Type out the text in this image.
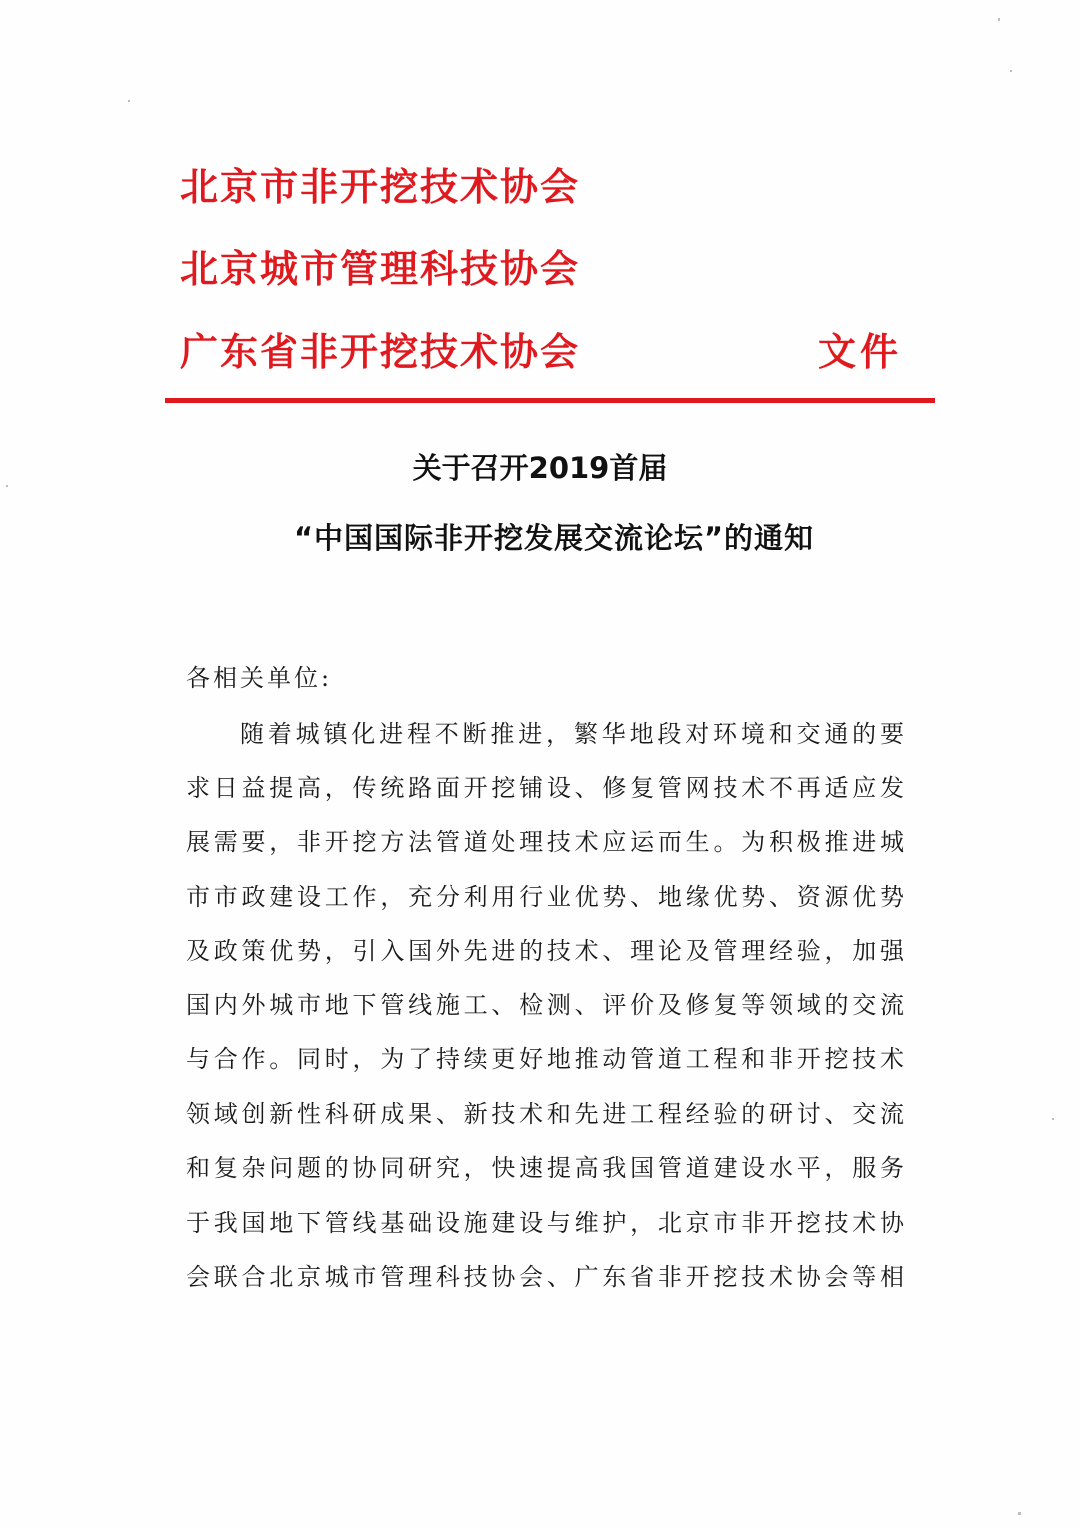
北京市非开挖技术协会
北京城市管理科技协会
广东省非开挖技术协会	文件
关于召开2019首届
“中国国际非开挖发展交流论坛”的通知
各相关单位:
随着城镇化进程不断推进，繁华地段对环境和交通的要
求日益提高，传统路面开挖铺设、修复管网技术不再适应发
展需要，非开挖方法管道处理技术应运而生。为积极推进城
市市政建设工作，充分利用行业优势、地缘优势、资源优势
及政策优势，引入国外先进的技术、理论及管理经验，加强
国内外城市地下管线施工、检测、评价及修复等领域的交流
与合作。同时，为了持续更好地推动管道工程和非开挖技术
领域创新性科研成果、新技术和先进工程经验的研讨、交流
和复杂问题的协同研究，快速提高我国管道建设水平，服务
于我国地下管线基础设施建设与维护，北京市非开挖技术协
会联合北京城市管理科技协会、广东省非开挖技术协会等相
